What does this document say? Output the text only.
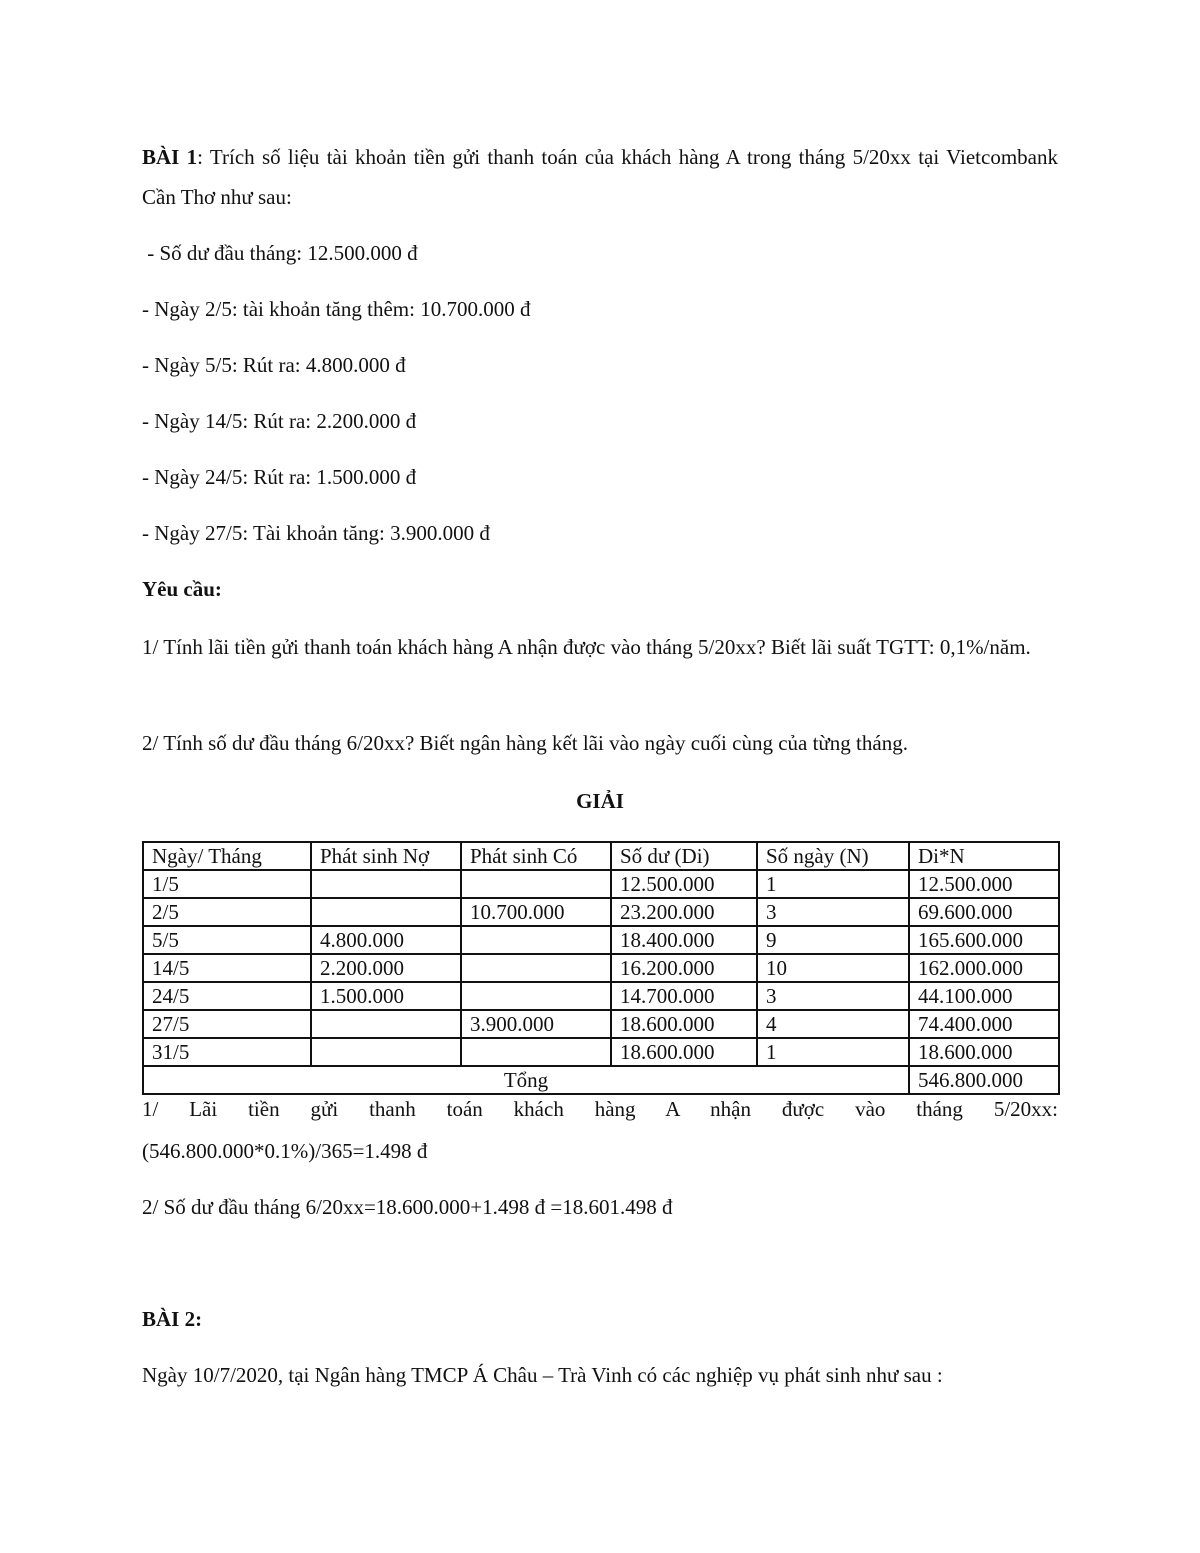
BÀI 1: Trích số liệu tài khoản tiền gửi thanh toán của khách hàng A trong tháng 5/20xx tại Vietcombank Cần Thơ như sau:

- Số dư đầu tháng: 12.500.000 đ

- Ngày 2/5: tài khoản tăng thêm: 10.700.000 đ

- Ngày 5/5: Rút ra: 4.800.000 đ

- Ngày 14/5: Rút ra: 2.200.000 đ

- Ngày 24/5: Rút ra: 1.500.000 đ

- Ngày 27/5: Tài khoản tăng: 3.900.000 đ

Yêu cầu:

1/ Tính lãi tiền gửi thanh toán khách hàng A nhận được vào tháng 5/20xx? Biết lãi suất TGTT: 0,1%/năm.

2/ Tính số dư đầu tháng 6/20xx? Biết ngân hàng kết lãi vào ngày cuối cùng của từng tháng.

GIẢI
Ngày/ Tháng	Phát sinh Nợ	Phát sinh Có	Số dư (Di)	Số ngày (N)	Di*N
1/5			12.500.000	1	12.500.000
2/5		10.700.000	23.200.000	3	69.600.000
5/5	4.800.000		18.400.000	9	165.600.000
14/5	2.200.000		16.200.000	10	162.000.000
24/5	1.500.000		14.700.000	3	44.100.000
27/5		3.900.000	18.600.000	4	74.400.000
31/5			18.600.000	1	18.600.000
Tổng					546.800.000
1/ Lãi tiền gửi thanh toán khách hàng A nhận được vào tháng 5/20xx:

(546.800.000*0.1%)/365=1.498 đ

2/ Số dư đầu tháng 6/20xx=18.600.000+1.498 đ =18.601.498 đ

BÀI 2:

Ngày 10/7/2020, tại Ngân hàng TMCP Á Châu – Trà Vinh có các nghiệp vụ phát sinh như sau :
